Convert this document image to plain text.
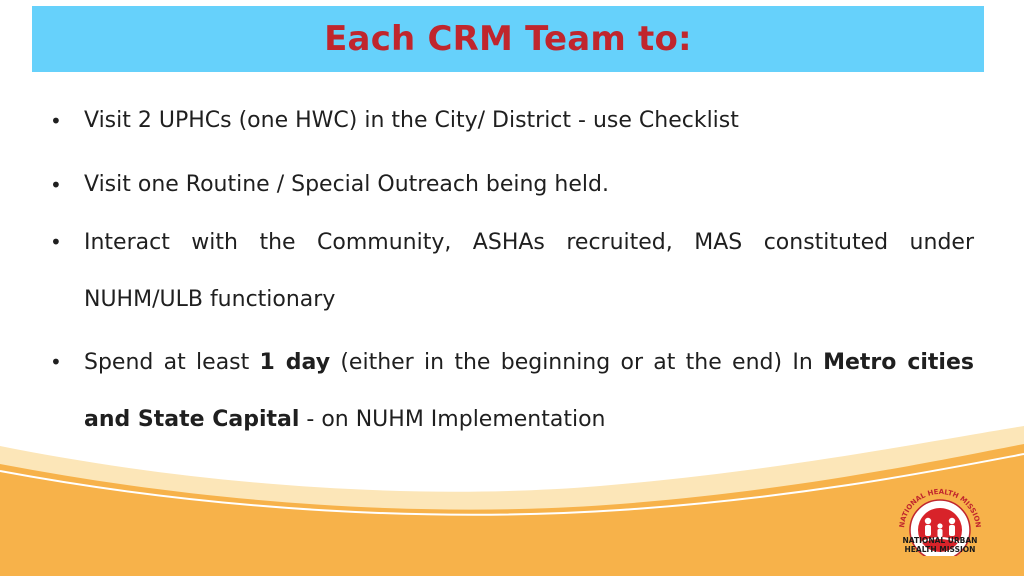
Each CRM Team to:
• Visit 2 UPHCs (one HWC) in the City/ District - use Checklist
• Visit one Routine / Special Outreach being held.
• Interact with the Community, ASHAs recruited, MAS constituted under NUHM/ULB functionary
• Spend at least 1 day (either in the beginning or at the end) In Metro cities and State Capital - on NUHM Implementation
NATIONAL HEALTH MISSION
NATIONAL URBAN
HEALTH MISSION
